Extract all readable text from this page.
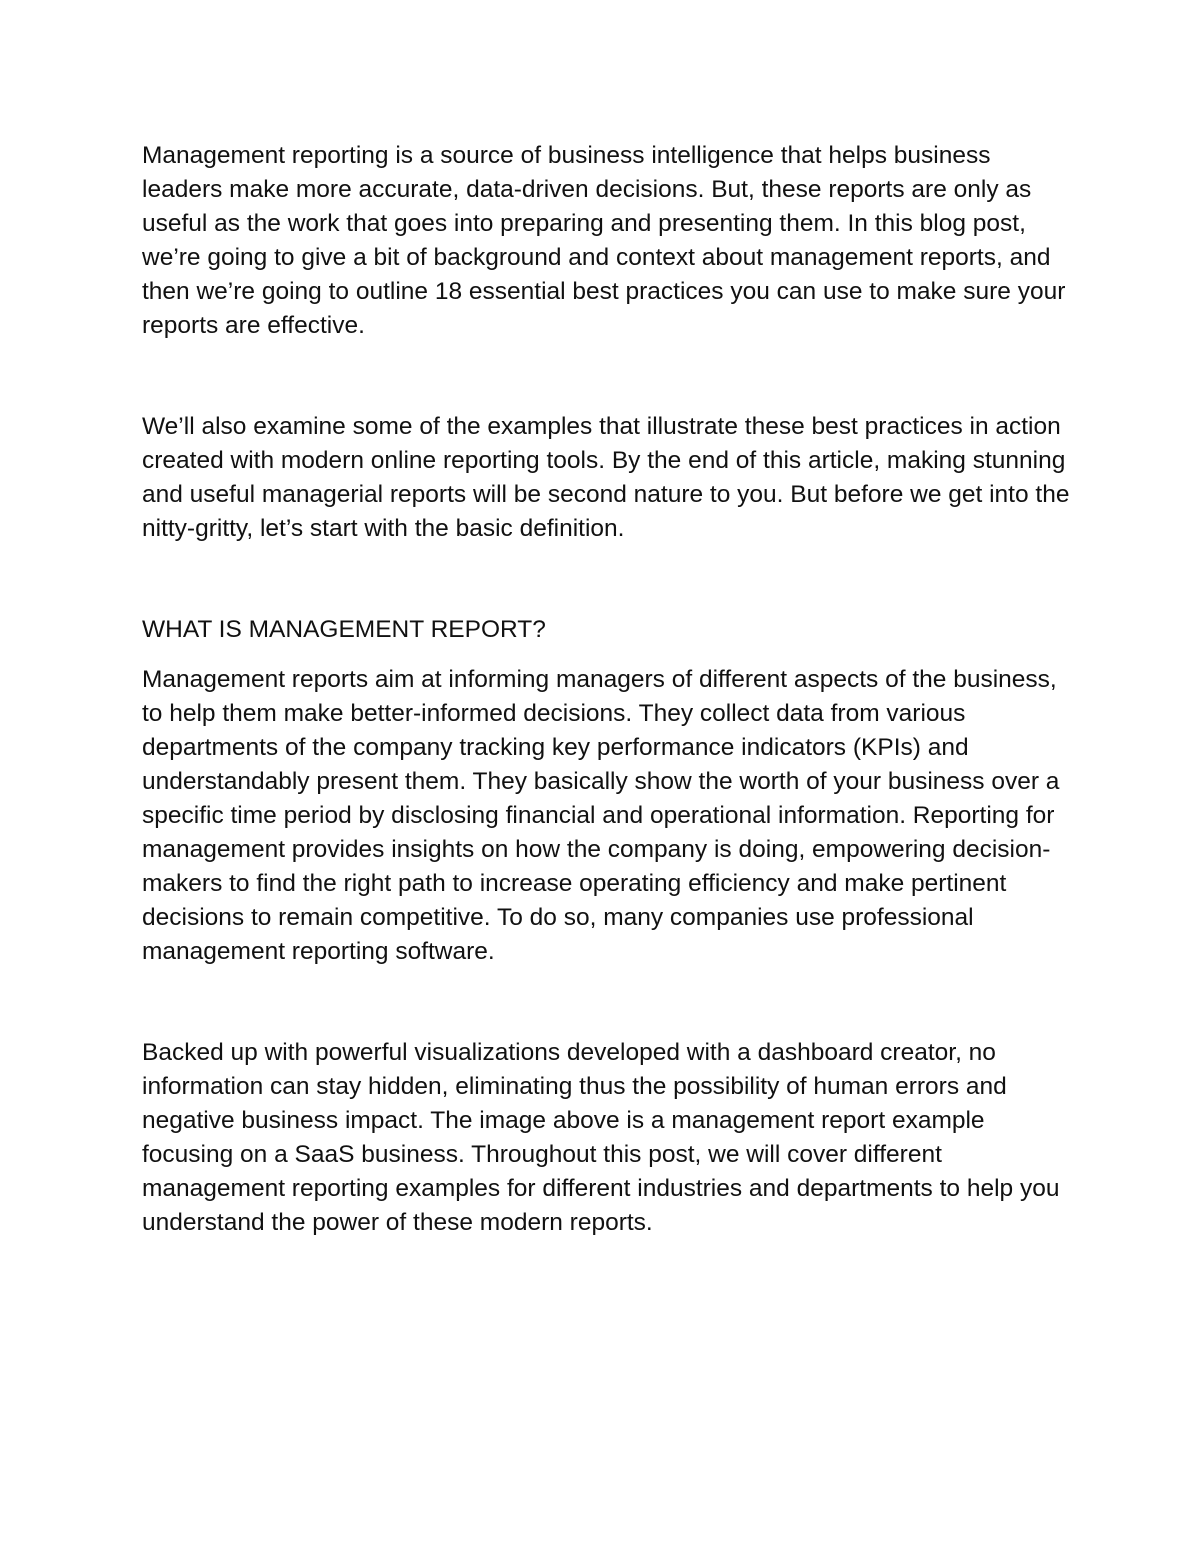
Management reporting is a source of business intelligence that helps business leaders make more accurate, data-driven decisions. But, these reports are only as useful as the work that goes into preparing and presenting them. In this blog post, we’re going to give a bit of background and context about management reports, and then we’re going to outline 18 essential best practices you can use to make sure your reports are effective.

We’ll also examine some of the examples that illustrate these best practices in action created with modern online reporting tools. By the end of this article, making stunning and useful managerial reports will be second nature to you. But before we get into the nitty-gritty, let’s start with the basic definition.

WHAT IS MANAGEMENT REPORT?

Management reports aim at informing managers of different aspects of the business, to help them make better-informed decisions. They collect data from various departments of the company tracking key performance indicators (KPIs) and understandably present them. They basically show the worth of your business over a specific time period by disclosing financial and operational information. Reporting for management provides insights on how the company is doing, empowering decision-makers to find the right path to increase operating efficiency and make pertinent decisions to remain competitive. To do so, many companies use professional management reporting software.

Backed up with powerful visualizations developed with a dashboard creator, no information can stay hidden, eliminating thus the possibility of human errors and negative business impact. The image above is a management report example focusing on a SaaS business. Throughout this post, we will cover different management reporting examples for different industries and departments to help you understand the power of these modern reports.
